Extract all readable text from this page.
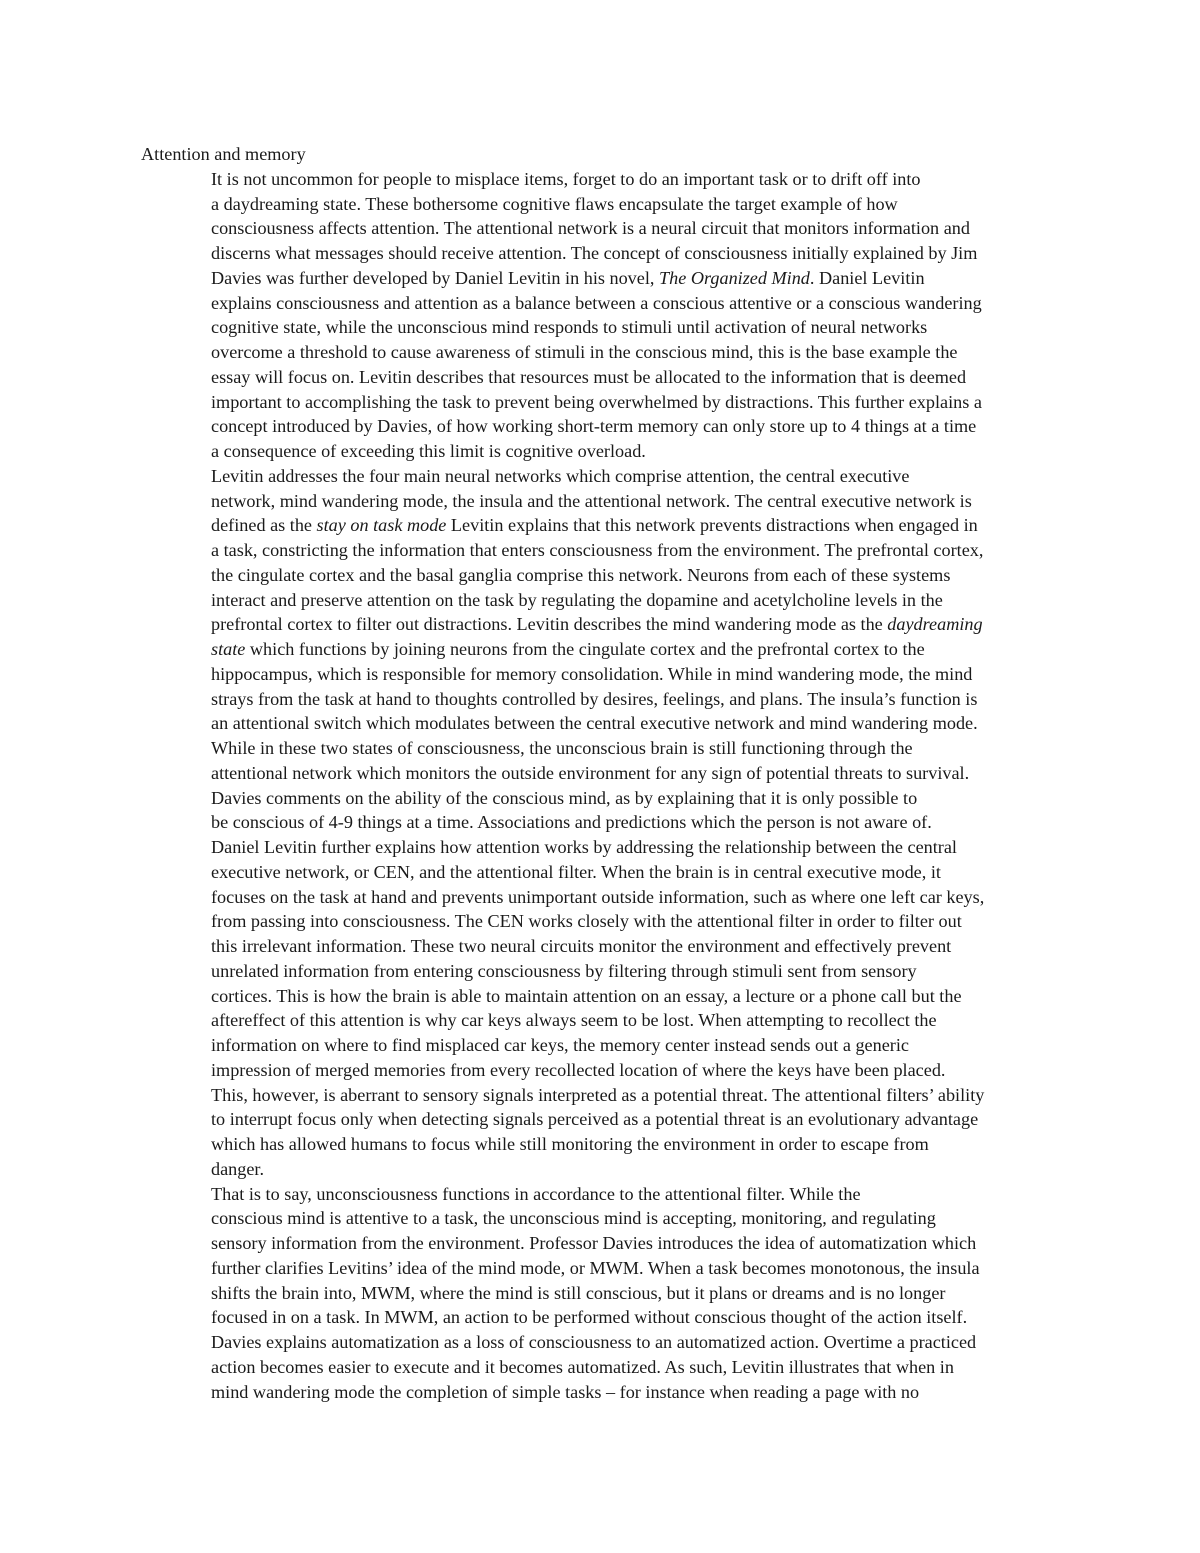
Attention and memory

It is not uncommon for people to misplace items, forget to do an important task or to drift off into
a daydreaming state. These bothersome cognitive flaws encapsulate the target example of how
consciousness affects attention. The attentional network is a neural circuit that monitors information and
discerns what messages should receive attention. The concept of consciousness initially explained by Jim
Davies was further developed by Daniel Levitin in his novel, The Organized Mind. Daniel Levitin
explains consciousness and attention as a balance between a conscious attentive or a conscious wandering
cognitive state, while the unconscious mind responds to stimuli until activation of neural networks
overcome a threshold to cause awareness of stimuli in the conscious mind, this is the base example the
essay will focus on. Levitin describes that resources must be allocated to the information that is deemed
important to accomplishing the task to prevent being overwhelmed by distractions. This further explains a
concept introduced by Davies, of how working short-term memory can only store up to 4 things at a time
a consequence of exceeding this limit is cognitive overload.

Levitin addresses the four main neural networks which comprise attention, the central executive
network, mind wandering mode, the insula and the attentional network. The central executive network is
defined as the stay on task mode Levitin explains that this network prevents distractions when engaged in
a task, constricting the information that enters consciousness from the environment. The prefrontal cortex,
the cingulate cortex and the basal ganglia comprise this network. Neurons from each of these systems
interact and preserve attention on the task by regulating the dopamine and acetylcholine levels in the
prefrontal cortex to filter out distractions. Levitin describes the mind wandering mode as the daydreaming
state which functions by joining neurons from the cingulate cortex and the prefrontal cortex to the
hippocampus, which is responsible for memory consolidation. While in mind wandering mode, the mind
strays from the task at hand to thoughts controlled by desires, feelings, and plans. The insula’s function is
an attentional switch which modulates between the central executive network and mind wandering mode.
While in these two states of consciousness, the unconscious brain is still functioning through the
attentional network which monitors the outside environment for any sign of potential threats to survival.

Davies comments on the ability of the conscious mind, as by explaining that it is only possible to
be conscious of 4-9 things at a time. Associations and predictions which the person is not aware of.
Daniel Levitin further explains how attention works by addressing the relationship between the central
executive network, or CEN, and the attentional filter. When the brain is in central executive mode, it
focuses on the task at hand and prevents unimportant outside information, such as where one left car keys,
from passing into consciousness. The CEN works closely with the attentional filter in order to filter out
this irrelevant information. These two neural circuits monitor the environment and effectively prevent
unrelated information from entering consciousness by filtering through stimuli sent from sensory
cortices. This is how the brain is able to maintain attention on an essay, a lecture or a phone call but the
aftereffect of this attention is why car keys always seem to be lost. When attempting to recollect the
information on where to find misplaced car keys, the memory center instead sends out a generic
impression of merged memories from every recollected location of where the keys have been placed.
This, however, is aberrant to sensory signals interpreted as a potential threat. The attentional filters’ ability
to interrupt focus only when detecting signals perceived as a potential threat is an evolutionary advantage
which has allowed humans to focus while still monitoring the environment in order to escape from
danger.

That is to say, unconsciousness functions in accordance to the attentional filter. While the
conscious mind is attentive to a task, the unconscious mind is accepting, monitoring, and regulating
sensory information from the environment. Professor Davies introduces the idea of automatization which
further clarifies Levitins’ idea of the mind mode, or MWM. When a task becomes monotonous, the insula
shifts the brain into, MWM, where the mind is still conscious, but it plans or dreams and is no longer
focused in on a task. In MWM, an action to be performed without conscious thought of the action itself.
Davies explains automatization as a loss of consciousness to an automatized action. Overtime a practiced
action becomes easier to execute and it becomes automatized. As such, Levitin illustrates that when in
mind wandering mode the completion of simple tasks – for instance when reading a page with no
